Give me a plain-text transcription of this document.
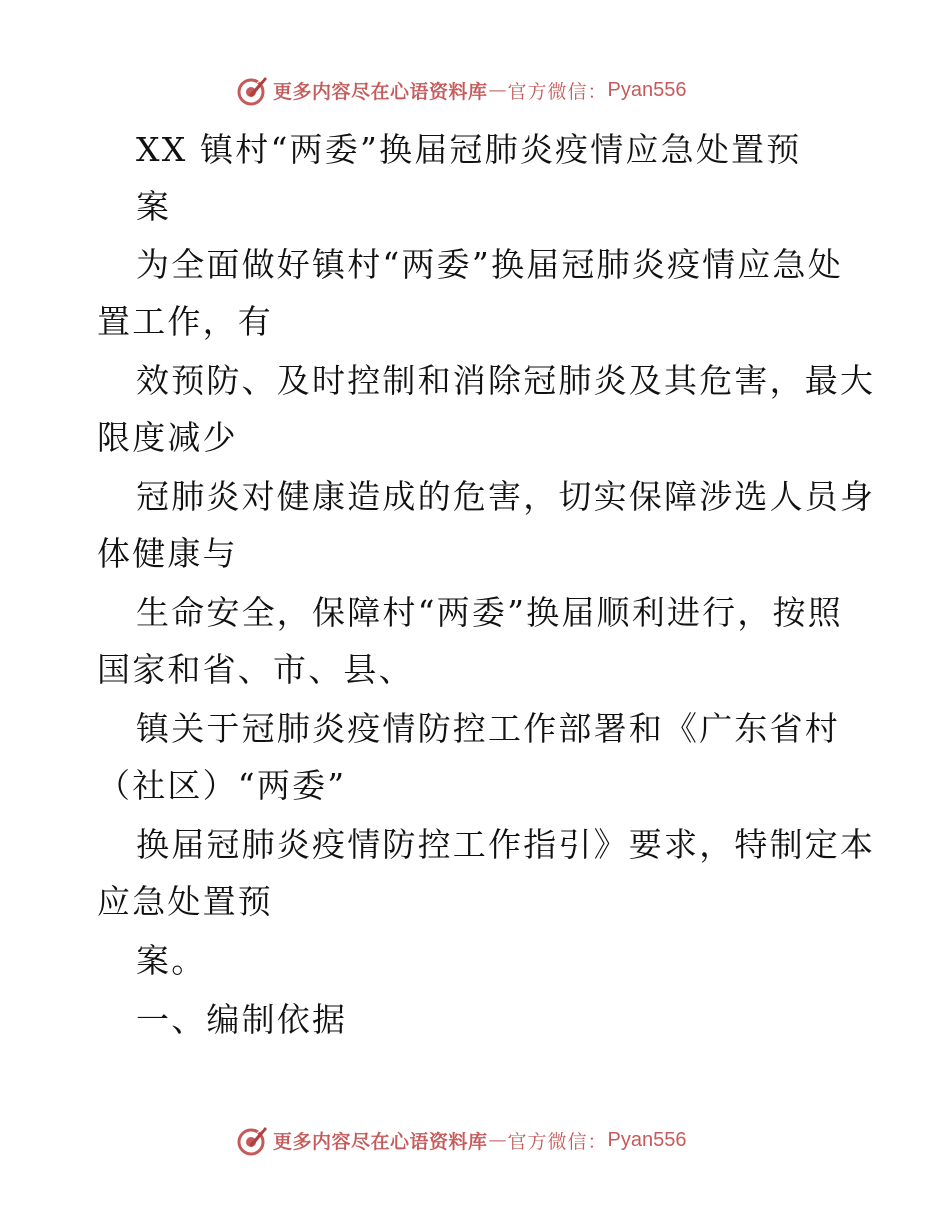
更多内容尽在心语资料库 — 官方微信： Pyan556
XX 镇村“两委”换届冠肺炎疫情应急处置预
案
为全面做好镇村“两委”换届冠肺炎疫情应急处
置工作，有
效预防、及时控制和消除冠肺炎及其危害，最大
限度减少
冠肺炎对健康造成的危害，切实保障涉选人员身
体健康与
生命安全，保障村“两委”换届顺利进行，按照
国家和省、市、县、
镇关于冠肺炎疫情防控工作部署和《广东省村
（社区）“两委”
换届冠肺炎疫情防控工作指引》要求，特制定本
应急处置预
案。
一、编制依据
更多内容尽在心语资料库 — 官方微信： Pyan556
